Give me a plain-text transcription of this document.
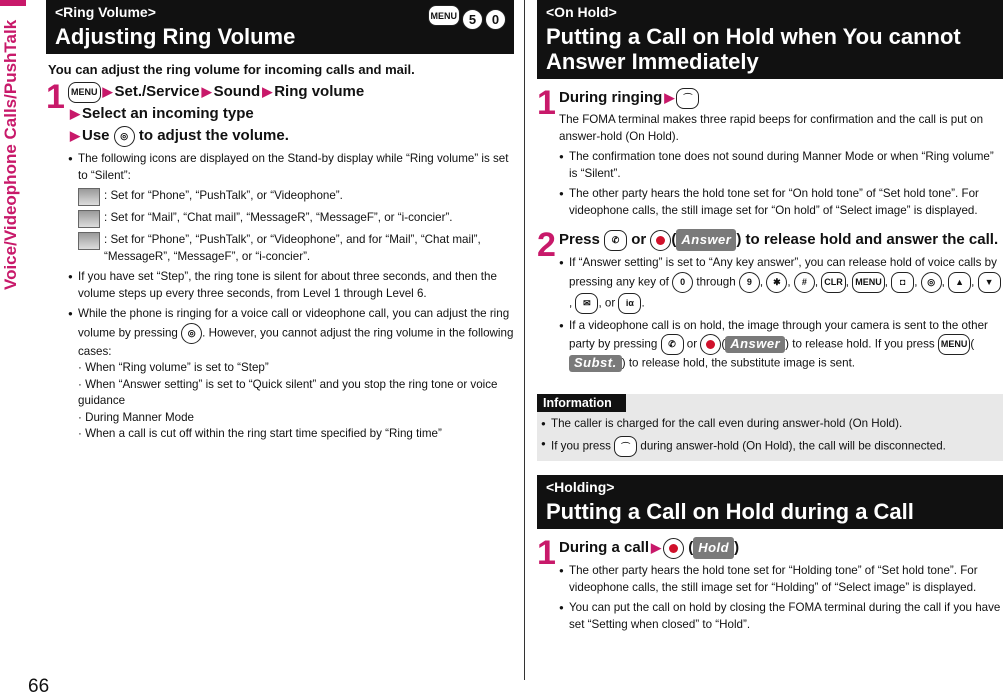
Voice/Videophone Calls/PushTalk
66
<Ring Volume>
Adjusting Ring Volume
MENU 5	0
You can adjust the ring volume for incoming calls and mail.
1 MENU ▶ Set./Service ▶ Sound ▶ Ring volume
▶ Select an incoming type
▶ Use ◎ to adjust the volume.
● The following icons are displayed on the Stand-by display while “Ring volume” is set to “Silent”:
: Set for “Phone”, “PushTalk”, or “Videophone”.
: Set for “Mail”, “Chat mail”, “MessageR”, “MessageF”, or “i-concier”.
: Set for “Phone”, “PushTalk”, or “Videophone”, and for “Mail”, “Chat mail”, “MessageR”, “MessageF”, or “i-concier”.
● If you have set “Step”, the ring tone is silent for about three seconds, and then the volume steps up every three seconds, from Level 1 through Level 6.
● While the phone is ringing for a voice call or videophone call, you can adjust the ring volume by pressing ◎ . However, you cannot adjust the ring volume in the following cases:
· When “Ring volume” is set to “Step”
· When “Answer setting” is set to “Quick silent” and you stop the ring tone or voice guidance
· During Manner Mode
· When a call is cut off within the ring start time specified by “Ring time”
<On Hold>
Putting a Call on Hold when You cannot Answer Immediately
1 During ringing ▶ ⌒
The FOMA terminal makes three rapid beeps for confirmation and the call is put on answer-hold (On Hold).
● The confirmation tone does not sound during Manner Mode or when “Ring volume” is “Silent”.
● The other party hears the hold tone set for “On hold tone” of “Set hold tone”. For videophone calls, the still image set for “On hold” of “Select image” is displayed.
2 Press ✆ or ( Answer ) to release hold and answer the call.
● If “Answer setting” is set to “Any key answer”, you can release hold of voice calls by pressing any key of 0 through 9 , ✱ , # , CLR , MENU , ◘ , ◎ , ▲ , ▼, ✉ , or iα .
● If a videophone call is on hold, the image through your camera is sent to the other party by pressing ✆ or ( Answer ) to release hold. If you press MENU (Subst. ) to release hold, the substitute image is sent.
Information
● The caller is charged for the call even during answer-hold (On Hold).
● If you press ⌒ during answer-hold (On Hold), the call will be disconnected.
<Holding>
Putting a Call on Hold during a Call
1 During a call ▶ ( Hold )
● The other party hears the hold tone set for “Holding tone” of “Set hold tone”. For videophone calls, the still image set for “Holding” of “Select image” is displayed.
● You can put the call on hold by closing the FOMA terminal during the call if you have set “Setting when closed” to “Hold”.
